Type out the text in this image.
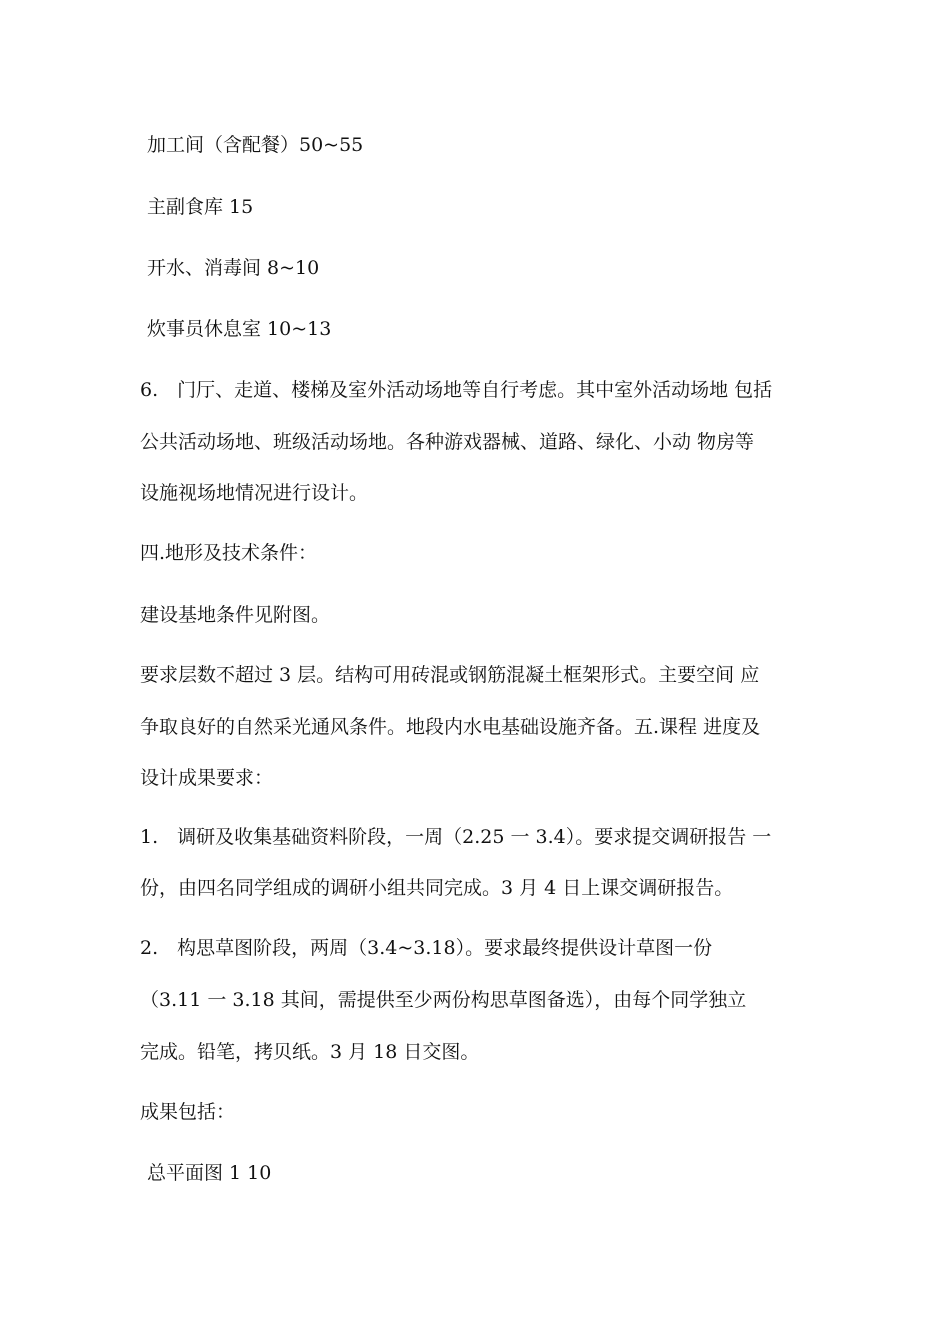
加工间（含配餐）50~55
主副食库 15
开水、消毒间 8~10
炊事员休息室 10~13
6.　门厅、走道、楼梯及室外活动场地等自行考虑。其中室外活动场地 包括
公共活动场地、班级活动场地。各种游戏器械、道路、绿化、小动 物房等
设施视场地情况进行设计。
四.地形及技术条件：
建设基地条件见附图。
要求层数不超过 3 层。结构可用砖混或钢筋混凝土框架形式。主要空间 应
争取良好的自然采光通风条件。地段内水电基础设施齐备。五.课程 进度及
设计成果要求：
1.　调研及收集基础资料阶段，一周（2.25 一 3.4）。要求提交调研报告 一
份，由四名同学组成的调研小组共同完成。3 月 4 日上课交调研报告。
2.　构思草图阶段，两周（3.4~3.18）。要求最终提供设计草图一份
（3.11 一 3.18 其间，需提供至少两份构思草图备选），由每个同学独立
完成。铅笔，拷贝纸。3 月 18 日交图。
成果包括：
总平面图 1 10
